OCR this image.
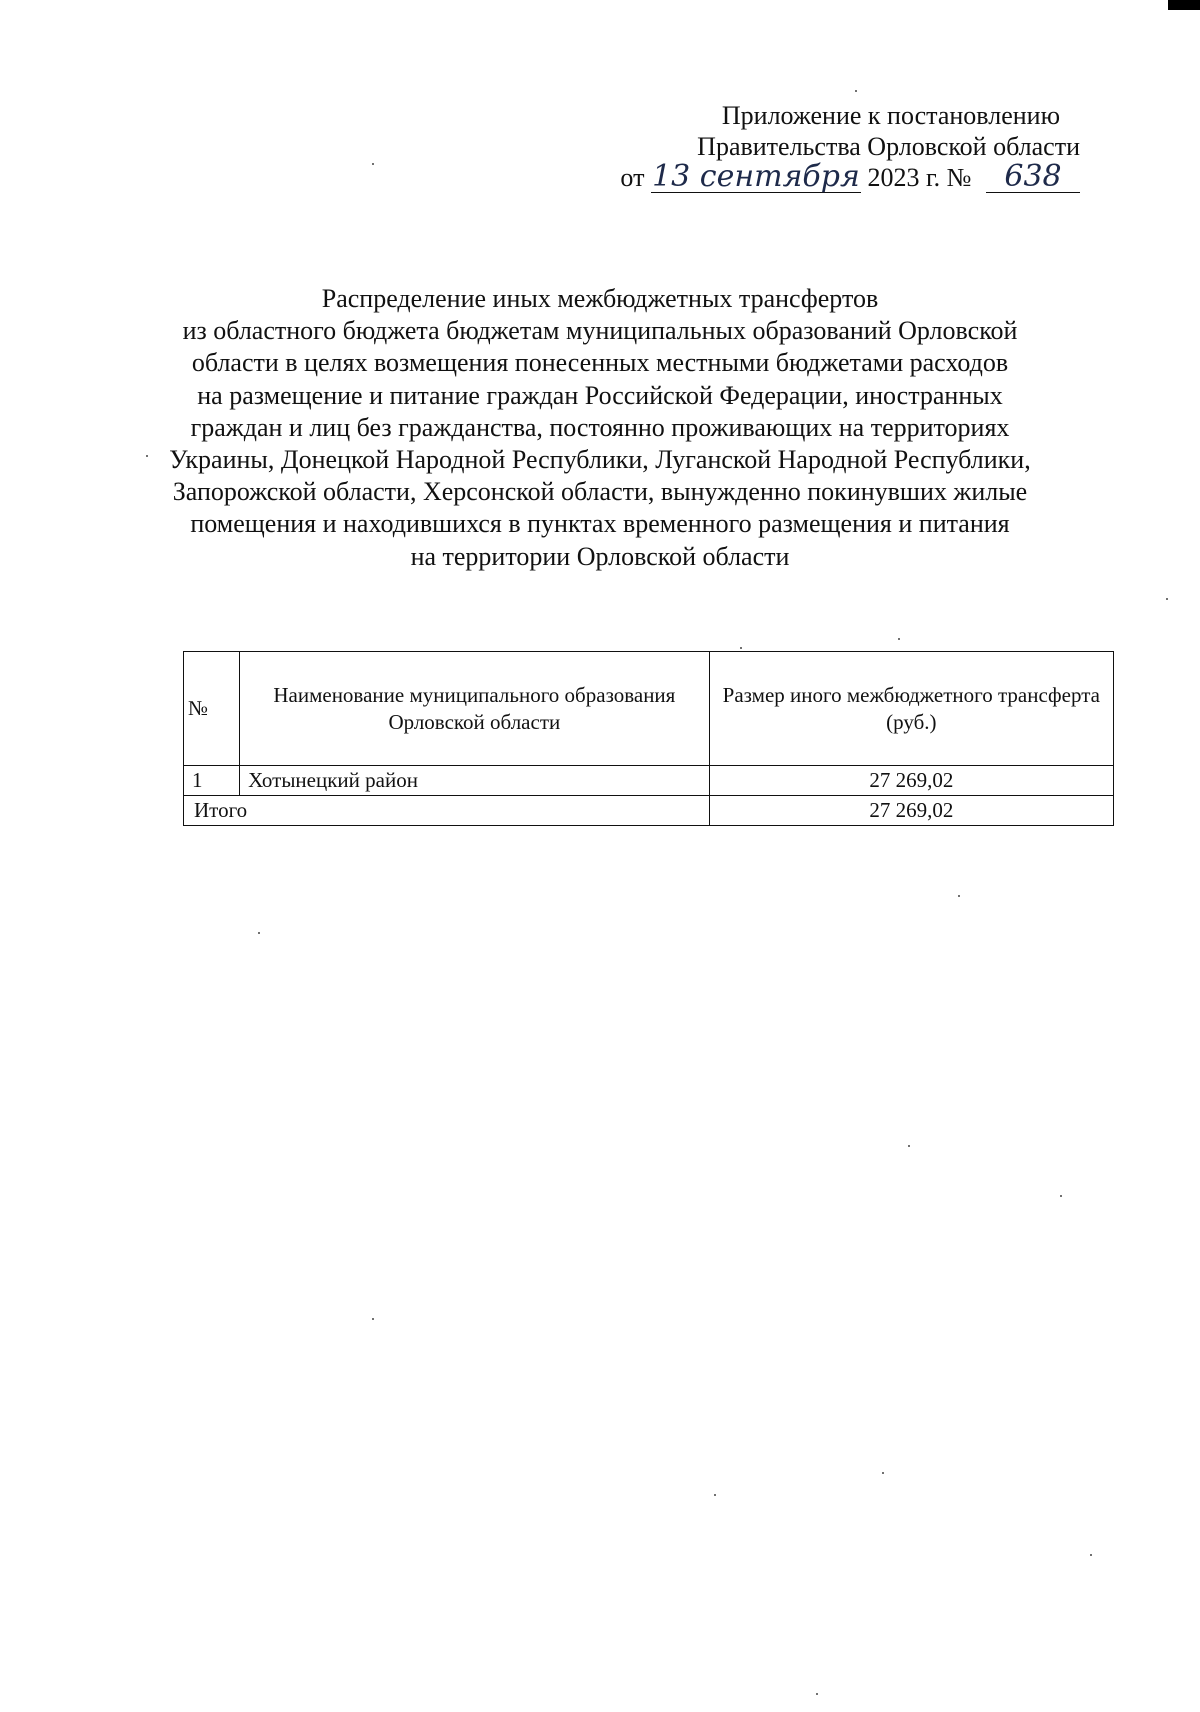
Приложение к постановлению
Правительства Орловской области
от 13 сентября 2023 г. № 638
Распределение иных межбюджетных трансфертов
из областного бюджета бюджетам муниципальных образований Орловской
области в целях возмещения понесенных местными бюджетами расходов
на размещение и питание граждан Российской Федерации, иностранных
граждан и лиц без гражданства, постоянно проживающих на территориях
Украины, Донецкой Народной Республики, Луганской Народной Республики,
Запорожской области, Херсонской области, вынужденно покинувших жилые
помещения и находившихся в пунктах временного размещения и питания
на территории Орловской области
№	Наименование муниципального образования Орловской области	Размер иного межбюджетного трансферта (руб.)
1	Хотынецкий район	27 269,02
Итого		27 269,02
